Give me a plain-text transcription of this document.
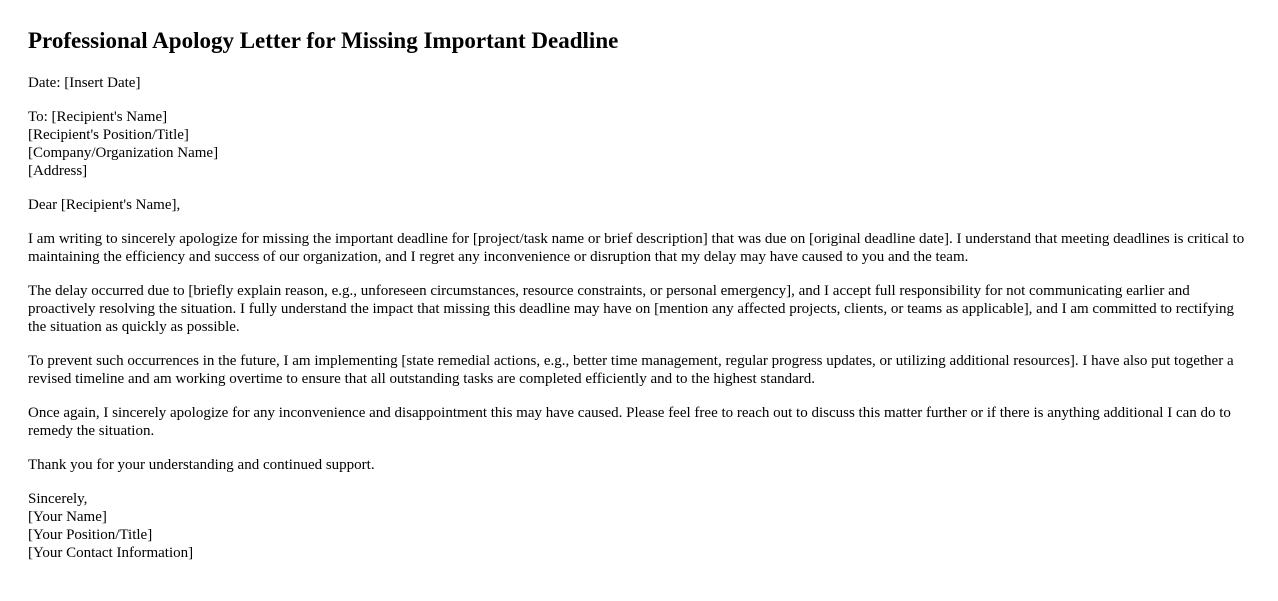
Professional Apology Letter for Missing Important Deadline

Date: [Insert Date]

To: [Recipient's Name]
[Recipient's Position/Title]
[Company/Organization Name]
[Address]

Dear [Recipient's Name],

I am writing to sincerely apologize for missing the important deadline for [project/task name or brief description] that was due on [original deadline date]. I understand that meeting deadlines is critical to maintaining the efficiency and success of our organization, and I regret any inconvenience or disruption that my delay may have caused to you and the team.

The delay occurred due to [briefly explain reason, e.g., unforeseen circumstances, resource constraints, or personal emergency], and I accept full responsibility for not communicating earlier and proactively resolving the situation. I fully understand the impact that missing this deadline may have on [mention any affected projects, clients, or teams as applicable], and I am committed to rectifying the situation as quickly as possible.

To prevent such occurrences in the future, I am implementing [state remedial actions, e.g., better time management, regular progress updates, or utilizing additional resources]. I have also put together a revised timeline and am working overtime to ensure that all outstanding tasks are completed efficiently and to the highest standard.

Once again, I sincerely apologize for any inconvenience and disappointment this may have caused. Please feel free to reach out to discuss this matter further or if there is anything additional I can do to remedy the situation.

Thank you for your understanding and continued support.

Sincerely,
[Your Name]
[Your Position/Title]
[Your Contact Information]
